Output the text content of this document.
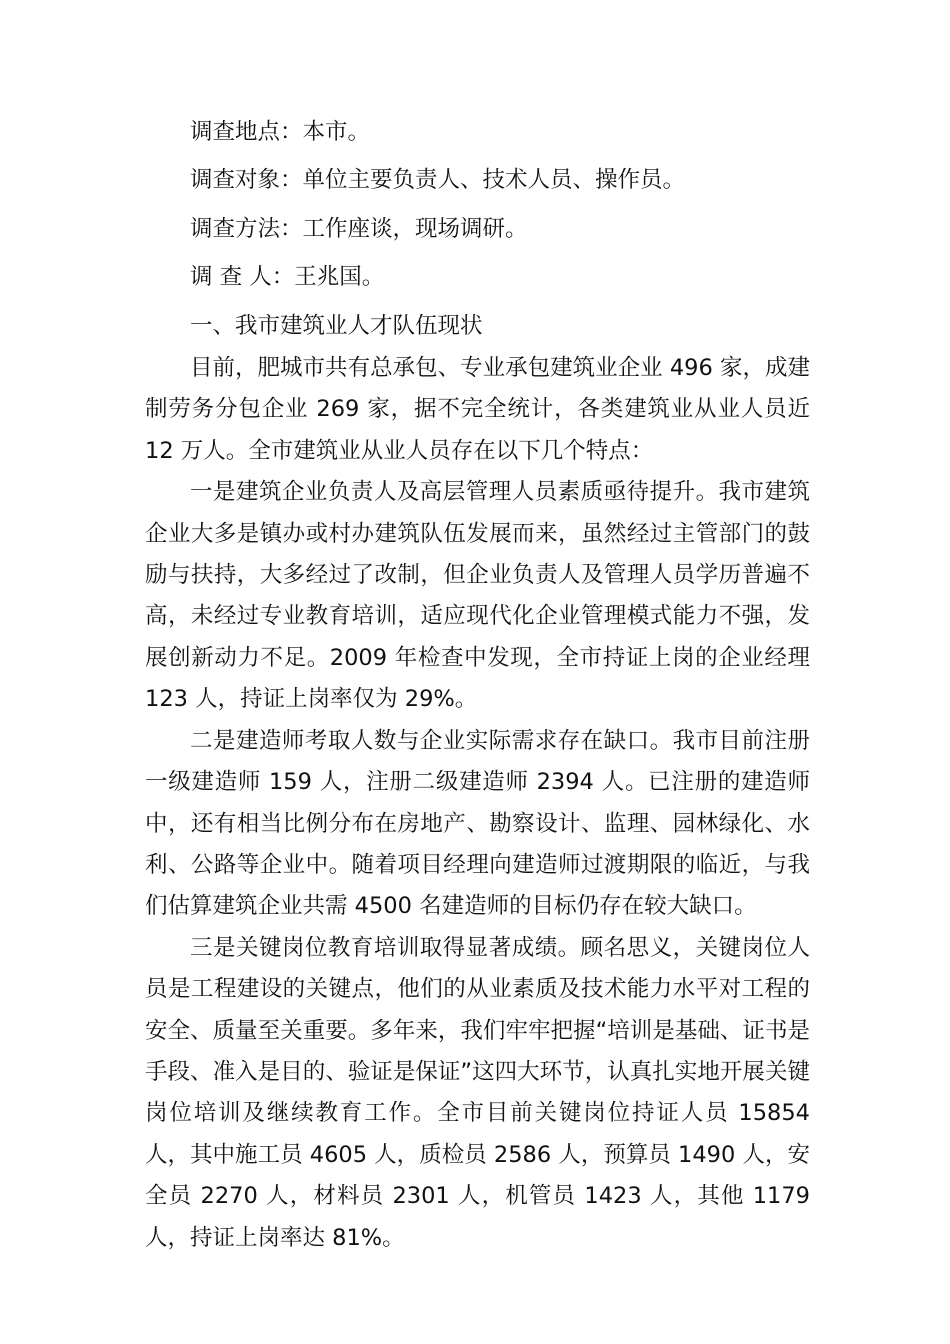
调查地点：本市。

调查对象：单位主要负责人、技术人员、操作员。

调查方法：工作座谈，现场调研。

调 查 人：王兆国。

一、我市建筑业人才队伍现状

目前，肥城市共有总承包、专业承包建筑业企业 496 家，成建制劳务分包企业 269 家，据不完全统计，各类建筑业从业人员近 12 万人。全市建筑业从业人员存在以下几个特点：

一是建筑企业负责人及高层管理人员素质亟待提升。我市建筑企业大多是镇办或村办建筑队伍发展而来，虽然经过主管部门的鼓励与扶持，大多经过了改制，但企业负责人及管理人员学历普遍不高，未经过专业教育培训，适应现代化企业管理模式能力不强，发展创新动力不足。2009 年检查中发现，全市持证上岗的企业经理 123 人，持证上岗率仅为 29%。

二是建造师考取人数与企业实际需求存在缺口。我市目前注册一级建造师 159 人，注册二级建造师 2394 人。已注册的建造师中，还有相当比例分布在房地产、勘察设计、监理、园林绿化、水利、公路等企业中。随着项目经理向建造师过渡期限的临近，与我们估算建筑企业共需 4500 名建造师的目标仍存在较大缺口。

三是关键岗位教育培训取得显著成绩。顾名思义，关键岗位人员是工程建设的关键点，他们的从业素质及技术能力水平对工程的安全、质量至关重要。多年来，我们牢牢把握“培训是基础、证书是手段、准入是目的、验证是保证”这四大环节，认真扎实地开展关键岗位培训及继续教育工作。全市目前关键岗位持证人员 15854 人，其中施工员 4605 人，质检员 2586 人，预算员 1490 人，安全员 2270 人，材料员 2301 人，机管员 1423 人，其他 1179 人，持证上岗率达 81%。
